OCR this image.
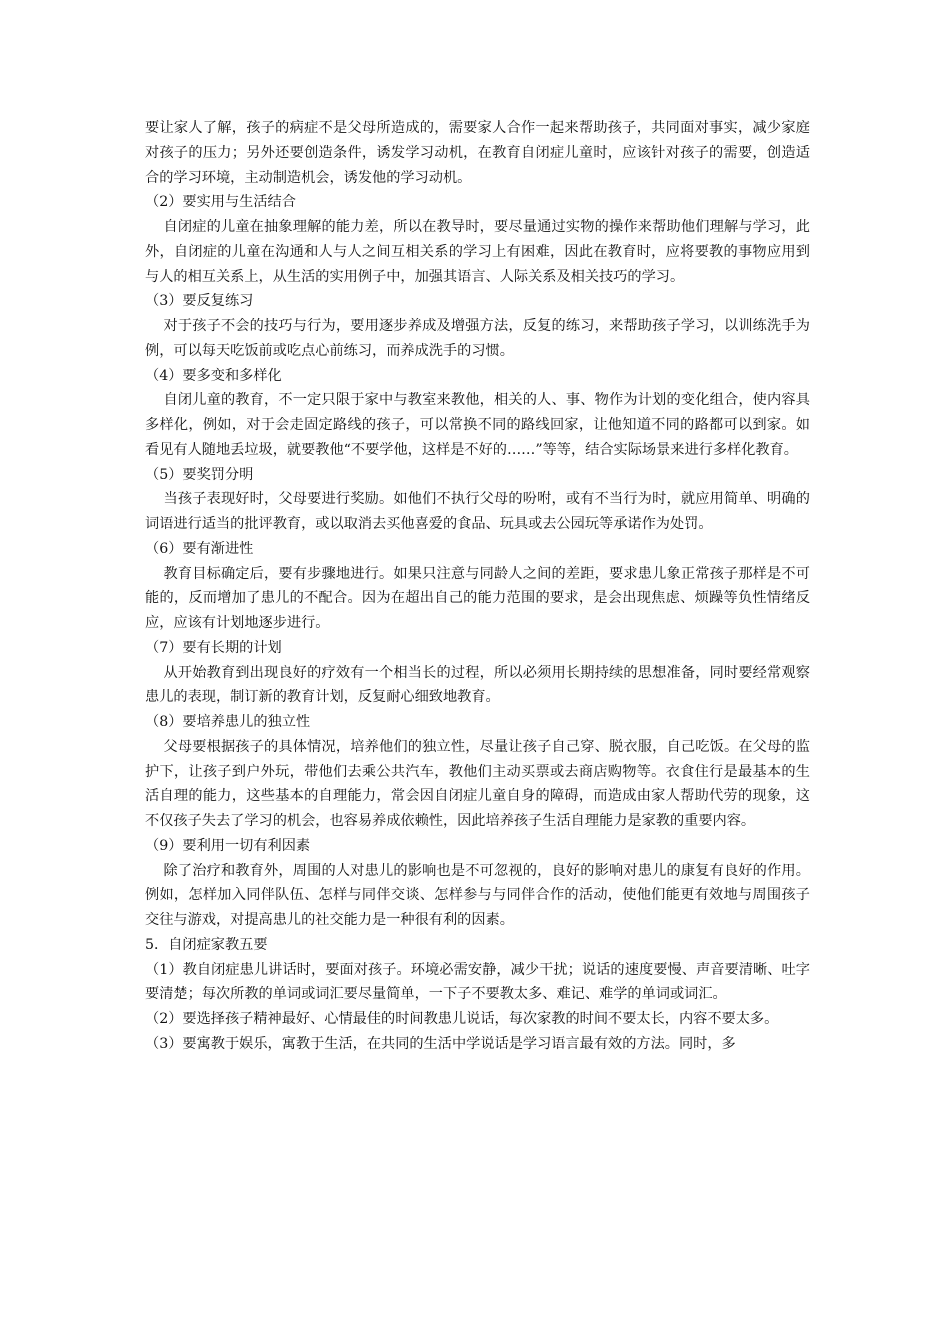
要让家人了解，孩子的病症不是父母所造成的，需要家人合作一起来帮助孩子，共同面对事实，减少家庭对孩子的压力；另外还要创造条件，诱发学习动机，在教育自闭症儿童时，应该针对孩子的需要，创造适合的学习环境，主动制造机会，诱发他的学习动机。

（2）要实用与生活结合

自闭症的儿童在抽象理解的能力差，所以在教导时，要尽量通过实物的操作来帮助他们理解与学习，此外，自闭症的儿童在沟通和人与人之间互相关系的学习上有困难，因此在教育时，应将要教的事物应用到与人的相互关系上，从生活的实用例子中，加强其语言、人际关系及相关技巧的学习。

（3）要反复练习

对于孩子不会的技巧与行为，要用逐步养成及增强方法，反复的练习，来帮助孩子学习，以训练洗手为例，可以每天吃饭前或吃点心前练习，而养成洗手的习惯。

（4）要多变和多样化

自闭儿童的教育，不一定只限于家中与教室来教他，相关的人、事、物作为计划的变化组合，使内容具多样化，例如，对于会走固定路线的孩子，可以常换不同的路线回家，让他知道不同的路都可以到家。如看见有人随地丢垃圾，就要教他“不要学他，这样是不好的……”等等，结合实际场景来进行多样化教育。

（5）要奖罚分明

当孩子表现好时，父母要进行奖励。如他们不执行父母的吩咐，或有不当行为时，就应用简单、明确的词语进行适当的批评教育，或以取消去买他喜爱的食品、玩具或去公园玩等承诺作为处罚。

（6）要有渐进性

教育目标确定后，要有步骤地进行。如果只注意与同龄人之间的差距，要求患儿象正常孩子那样是不可能的，反而增加了患儿的不配合。因为在超出自己的能力范围的要求，是会出现焦虑、烦躁等负性情绪反应，应该有计划地逐步进行。

（7）要有长期的计划

从开始教育到出现良好的疗效有一个相当长的过程，所以必须用长期持续的思想准备，同时要经常观察患儿的表现，制订新的教育计划，反复耐心细致地教育。

（8）要培养患儿的独立性

父母要根据孩子的具体情况，培养他们的独立性，尽量让孩子自己穿、脱衣服，自己吃饭。在父母的监护下，让孩子到户外玩，带他们去乘公共汽车，教他们主动买票或去商店购物等。衣食住行是最基本的生活自理的能力，这些基本的自理能力，常会因自闭症儿童自身的障碍，而造成由家人帮助代劳的现象，这不仅孩子失去了学习的机会，也容易养成依赖性，因此培养孩子生活自理能力是家教的重要内容。

（9）要利用一切有利因素

除了治疗和教育外，周围的人对患儿的影响也是不可忽视的，良好的影响对患儿的康复有良好的作用。例如，怎样加入同伴队伍、怎样与同伴交谈、怎样参与与同伴合作的活动，使他们能更有效地与周围孩子交往与游戏，对提高患儿的社交能力是一种很有利的因素。

5．自闭症家教五要

（1）教自闭症患儿讲话时，要面对孩子。环境必需安静，减少干扰；说话的速度要慢、声音要清晰、吐字要清楚；每次所教的单词或词汇要尽量简单，一下子不要教太多、难记、难学的单词或词汇。

（2）要选择孩子精神最好、心情最佳的时间教患儿说话，每次家教的时间不要太长，内容不要太多。

（3）要寓教于娱乐，寓教于生活，在共同的生活中学说话是学习语言最有效的方法。同时，多
